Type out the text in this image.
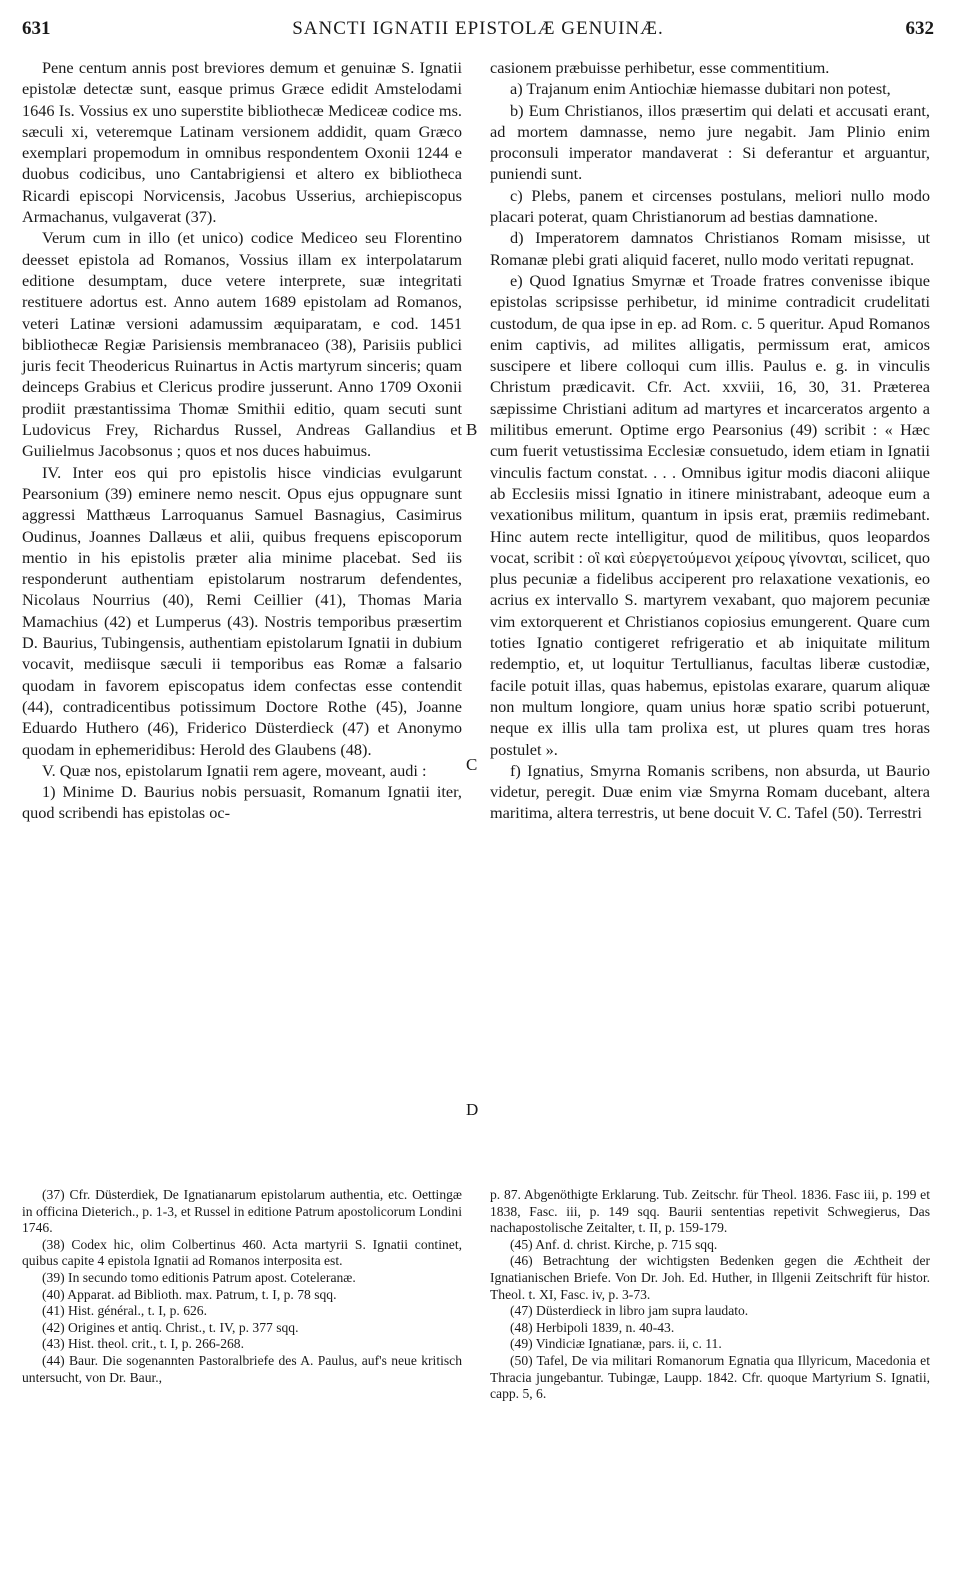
631	SANCTI IGNATII EPISTOLÆ GENUINÆ.	632

Pene centum annis post breviores demum et genuinæ S. Ignatii epistolæ detectæ sunt, easque primus Græce edidit Amstelodami 1646 Is. Vossius ex uno superstite bibliothecæ Mediceæ codice ms. sæculi xi, veteremque Latinam versionem addidit, quam Græco exemplari propemodum in omnibus respondentem Oxonii 1244 e duobus codicibus, uno Cantabrigiensi et altero ex bibliotheca Ricardi episcopi Norvicensis, Jacobus Usserius, archiepiscopus Armachanus, vulgaverat (37).

Verum cum in illo (et unico) codice Mediceo seu Florentino deesset epistola ad Romanos, Vossius illam ex interpolatarum editione desumptam, duce vetere interprete, suæ integritati restituere adortus est. Anno autem 1689 epistolam ad Romanos, veteri Latinæ versioni adamussim æquiparatam, e cod. 1451 bibliothecæ Regiæ Parisiensis membranaceo (38), Parisiis publici juris fecit Theodericus Ruinartus in Actis martyrum sinceris; quam deinceps Grabius et Clericus prodire jusserunt. Anno 1709 Oxonii prodiit præstantissima Thomæ Smithii editio, quam secuti sunt Ludovicus Frey, Richardus Russel, Andreas Gallandius et Guilielmus Jacobsonus ; quos et nos duces habuimus.

IV. Inter eos qui pro epistolis hisce vindicias evulgarunt Pearsonium (39) eminere nemo nescit. Opus ejus oppugnare sunt aggressi Matthæus Larroquanus Samuel Basnagius, Casimirus Oudinus, Joannes Dallæus et alii, quibus frequens episcoporum mentio in his epistolis præter alia minime placebat. Sed iis responderunt authentiam epistolarum nostrarum defendentes, Nicolaus Nourrius (40), Remi Ceillier (41), Thomas Maria Mamachius (42) et Lumperus (43). Nostris temporibus præsertim D. Baurius, Tubingensis, authentiam epistolarum Ignatii in dubium vocavit, mediisque sæculi ii temporibus eas Romæ a falsario quodam in favorem episcopatus idem confectas esse contendit (44), contradicentibus potissimum Doctore Rothe (45), Joanne Eduardo Huthero (46), Friderico Düsterdieck (47) et Anonymo quodam in ephemeridibus: Herold des Glaubens (48).

V. Quæ nos, epistolarum Ignatii rem agere, moveant, audi :

1) Minime D. Baurius nobis persuasit, Romanum Ignatii iter, quod scribendi has epistolas oc-

casionem præbuisse perhibetur, esse commentitium.

a) Trajanum enim Antiochiæ hiemasse dubitari non potest,

b) Eum Christianos, illos præsertim qui delati et accusati erant, ad mortem damnasse, nemo jure negabit. Jam Plinio enim proconsuli imperator mandaverat : Si deferantur et arguantur, puniendi sunt.

c) Plebs, panem et circenses postulans, meliori nullo modo placari poterat, quam Christianorum ad bestias damnatione.

d) Imperatorem damnatos Christianos Romam misisse, ut Romanæ plebi grati aliquid faceret, nullo modo veritati repugnat.

e) Quod Ignatius Smyrnæ et Troade fratres convenisse ibique epistolas scripsisse perhibetur, id minime contradicit crudelitati custodum, de qua ipse in ep. ad Rom. c. 5 queritur. Apud Romanos enim captivis, ad milites alligatis, permissum erat, amicos suscipere et libere colloqui cum illis. Paulus e. g. in vinculis Christum prædicavit. Cfr. Act. xxviii, 16, 30, 31. Præterea sæpissime Christiani aditum ad martyres et incarceratos argento a militibus emerunt. Optime ergo Pearsonius (49) scribit : « Hæc cum fuerit vetustissima Ecclesiæ consuetudo, idem etiam in Ignatii vinculis factum constat. . . . Omnibus igitur modis diaconi aliique ab Ecclesiis missi Ignatio in itinere ministrabant, adeoque eum a vexationibus militum, quantum in ipsis erat, præmiis redimebant. Hinc autem recte intelligitur, quod de militibus, quos leopardos vocat, scribit : οἳ καὶ εὐεργετούμενοι χείρους γίνονται, scilicet, quo plus pecuniæ a fidelibus acciperent pro relaxatione vexationis, eo acrius ex intervallo S. martyrem vexabant, quo majorem pecuniæ vim extorquerent et Christianos copiosius emungerent. Quare cum toties Ignatio contigeret refrigeratio et ab iniquitate militum redemptio, et, ut loquitur Tertullianus, facultas liberæ custodiæ, facile potuit illas, quas habemus, epistolas exarare, quarum aliquæ non multum longiore, quam unius horæ spatio scribi potuerunt, neque ex illis ulla tam prolixa est, ut plures quam tres horas postulet ».

f) Ignatius, Smyrna Romanis scribens, non absurda, ut Baurio videtur, peregit. Duæ enim viæ Smyrna Romam ducebant, altera maritima, altera terrestris, ut bene docuit V. C. Tafel (50). Terrestri

B
C
D

(37) Cfr. Düsterdiek, De Ignatianarum epistolarum authentia, etc. Oettingæ in officina Dieterich., p. 1-3, et Russel in editione Patrum apostolicorum Londini 1746.

(38) Codex hic, olim Colbertinus 460. Acta martyrii S. Ignatii continet, quibus capite 4 epistola Ignatii ad Romanos interposita est.

(39) In secundo tomo editionis Patrum apost. Coteleranæ.

(40) Apparat. ad Biblioth. max. Patrum, t. I, p. 78 sqq.

(41) Hist. général., t. I, p. 626.

(42) Origines et antiq. Christ., t. IV, p. 377 sqq.

(43) Hist. theol. crit., t. I, p. 266-268.

(44) Baur. Die sogenannten Pastoralbriefe des A. Paulus, auf's neue kritisch untersucht, von Dr. Baur.,

p. 87. Abgenöthigte Erklarung. Tub. Zeitschr. für Theol. 1836. Fasc iii, p. 199 et 1838, Fasc. iii, p. 149 sqq. Baurii sententias repetivit Schwegierus, Das nachapostolische Zeitalter, t. II, p. 159-179.

(45) Anf. d. christ. Kirche, p. 715 sqq.

(46) Betrachtung der wichtigsten Bedenken gegen die Æchtheit der Ignatianischen Briefe. Von Dr. Joh. Ed. Huther, in Illgenii Zeitschrift für histor. Theol. t. XI, Fasc. iv, p. 3-73.

(47) Düsterdieck in libro jam supra laudato.

(48) Herbipoli 1839, n. 40-43.

(49) Vindiciæ Ignatianæ, pars. ii, c. 11.

(50) Tafel, De via militari Romanorum Egnatia qua Illyricum, Macedonia et Thracia jungebantur. Tubingæ, Laupp. 1842. Cfr. quoque Martyrium S. Ignatii, capp. 5, 6.
